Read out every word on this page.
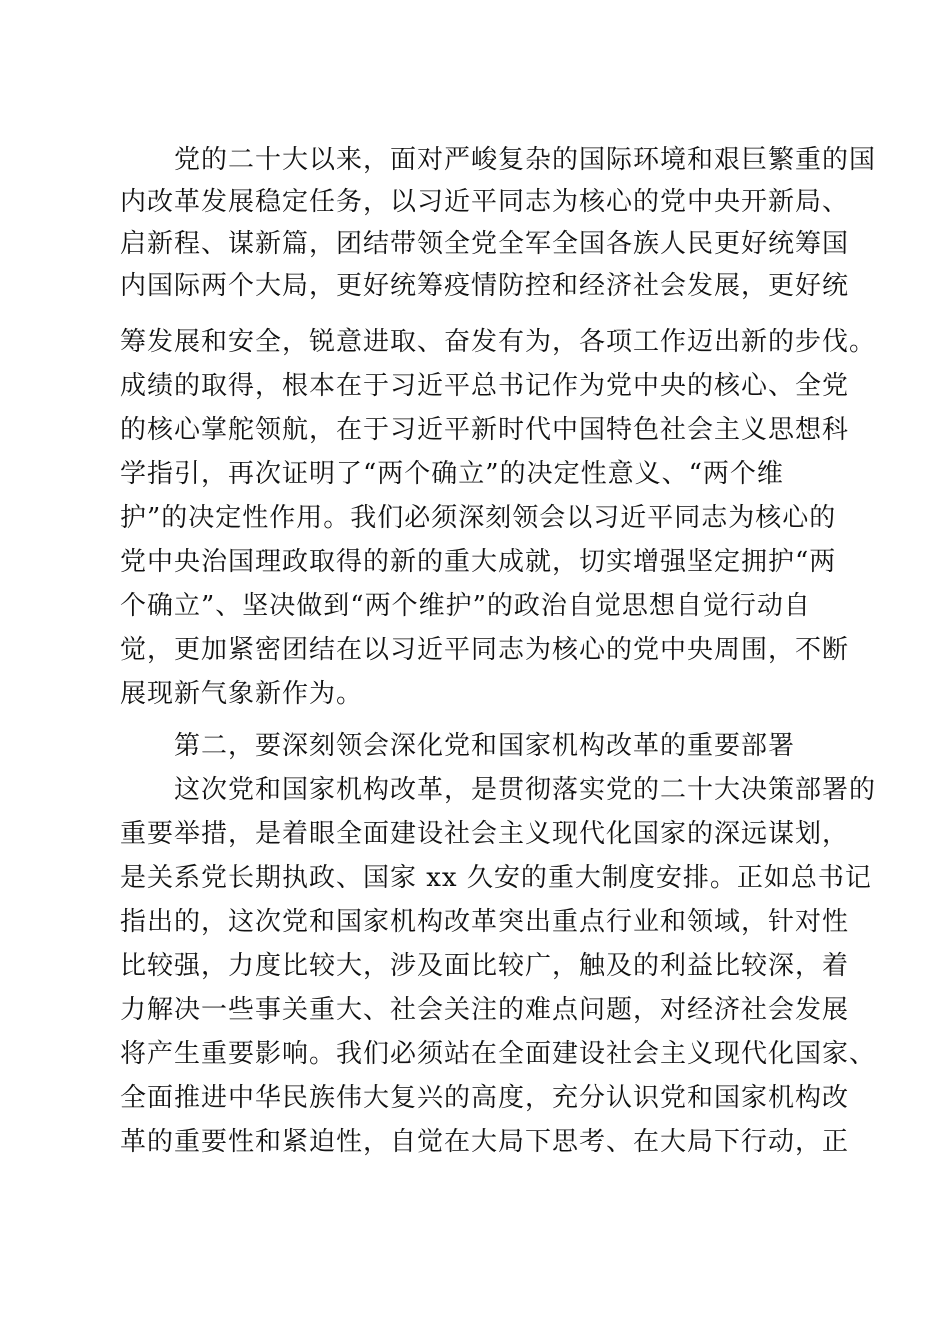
　　党的二十大以来，面对严峻复杂的国际环境和艰巨繁重的国
内改革发展稳定任务，以习近平同志为核心的党中央开新局、
启新程、谋新篇，团结带领全党全军全国各族人民更好统筹国
内国际两个大局，更好统筹疫情防控和经济社会发展，更好统
筹发展和安全，锐意进取、奋发有为，各项工作迈出新的步伐。
成绩的取得，根本在于习近平总书记作为党中央的核心、全党
的核心掌舵领航，在于习近平新时代中国特色社会主义思想科
学指引，再次证明了“两个确立”的决定性意义、“两个维
护”的决定性作用。我们必须深刻领会以习近平同志为核心的
党中央治国理政取得的新的重大成就，切实增强坚定拥护“两
个确立”、坚决做到“两个维护”的政治自觉思想自觉行动自
觉，更加紧密团结在以习近平同志为核心的党中央周围，不断
展现新气象新作为。
　　第二，要深刻领会深化党和国家机构改革的重要部署
　　这次党和国家机构改革，是贯彻落实党的二十大决策部署的
重要举措，是着眼全面建设社会主义现代化国家的深远谋划，
是关系党长期执政、国家 xx 久安的重大制度安排。正如总书记
指出的，这次党和国家机构改革突出重点行业和领域，针对性
比较强，力度比较大，涉及面比较广，触及的利益比较深，着
力解决一些事关重大、社会关注的难点问题，对经济社会发展
将产生重要影响。我们必须站在全面建设社会主义现代化国家、
全面推进中华民族伟大复兴的高度，充分认识党和国家机构改
革的重要性和紧迫性，自觉在大局下思考、在大局下行动，正
